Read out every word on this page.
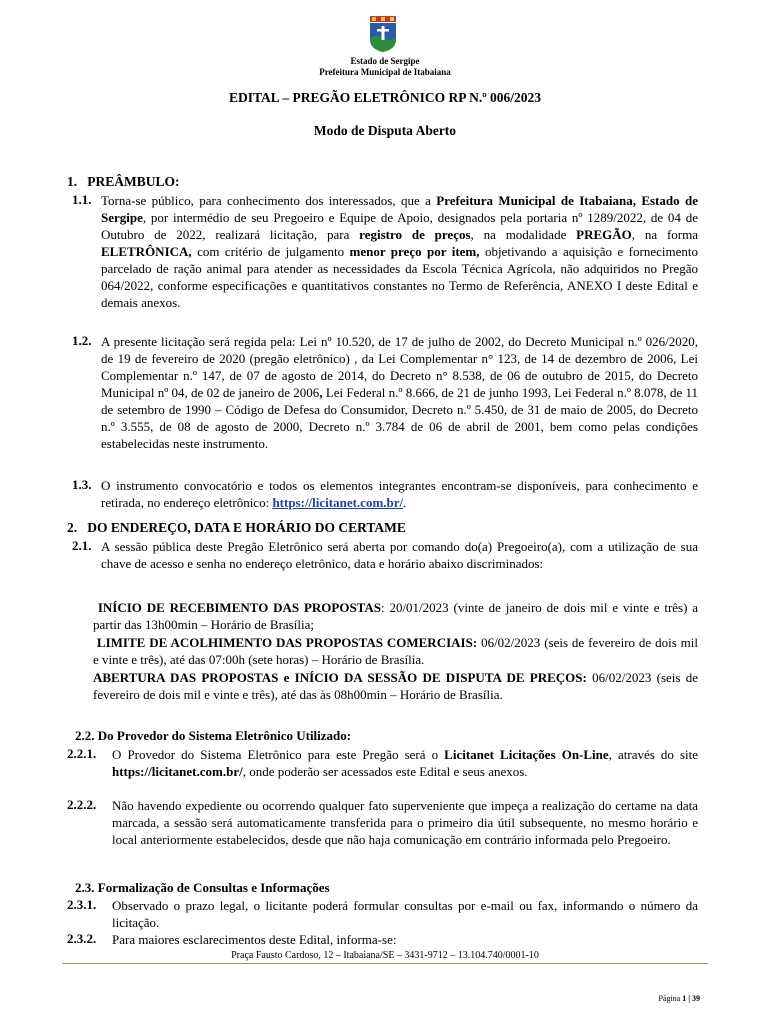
Estado de Sergipe
Prefeitura Municipal de Itabaiana
EDITAL – PREGÃO ELETRÔNICO RP N.º 006/2023
Modo de Disputa Aberto
1. PREÂMBULO:
1.1. Torna-se público, para conhecimento dos interessados, que a Prefeitura Municipal de Itabaiana, Estado de Sergipe, por intermédio de seu Pregoeiro e Equipe de Apoio, designados pela portaria nº 1289/2022, de 04 de Outubro de 2022, realizará licitação, para registro de preços, na modalidade PREGÃO, na forma ELETRÔNICA, com critério de julgamento menor preço por item, objetivando a aquisição e fornecimento parcelado de ração animal para atender as necessidades da Escola Técnica Agrícola, não adquiridos no Pregão 064/2022, conforme especificações e quantitativos constantes no Termo de Referência, ANEXO I deste Edital e demais anexos.
1.2. A presente licitação será regida pela: Lei nº 10.520, de 17 de julho de 2002, do Decreto Municipal n.º 026/2020, de 19 de fevereiro de 2020 (pregão eletrônico) , da Lei Complementar n° 123, de 14 de dezembro de 2006, Lei Complementar n.º 147, de 07 de agosto de 2014, do Decreto n° 8.538, de 06 de outubro de 2015, do Decreto Municipal nº 04, de 02 de janeiro de 2006, Lei Federal n.º 8.666, de 21 de junho 1993, Lei Federal n.º 8.078, de 11 de setembro de 1990 – Código de Defesa do Consumidor, Decreto n.º 5.450, de 31 de maio de 2005, do Decreto n.º 3.555, de 08 de agosto de 2000, Decreto n.º 3.784 de 06 de abril de 2001, bem como pelas condições estabelecidas neste instrumento.
1.3. O instrumento convocatório e todos os elementos integrantes encontram-se disponíveis, para conhecimento e retirada, no endereço eletrônico: https://licitanet.com.br/.
2. DO ENDEREÇO, DATA E HORÁRIO DO CERTAME
2.1. A sessão pública deste Pregão Eletrônico será aberta por comando do(a) Pregoeiro(a), com a utilização de sua chave de acesso e senha no endereço eletrônico, data e horário abaixo discriminados:
INÍCIO DE RECEBIMENTO DAS PROPOSTAS: 20/01/2023 (vinte de janeiro de dois mil e vinte e três) a partir das 13h00min – Horário de Brasília;
LIMITE DE ACOLHIMENTO DAS PROPOSTAS COMERCIAIS: 06/02/2023 (seis de fevereiro de dois mil e vinte e três), até das 07:00h (sete horas) – Horário de Brasília.
ABERTURA DAS PROPOSTAS e INÍCIO DA SESSÃO DE DISPUTA DE PREÇOS: 06/02/2023 (seis de fevereiro de dois mil e vinte e três), até das às 08h00min – Horário de Brasília.
2.2. Do Provedor do Sistema Eletrônico Utilizado:
2.2.1. O Provedor do Sistema Eletrônico para este Pregão será o Licitanet Licitações On-Line, através do site https://licitanet.com.br/, onde poderão ser acessados este Edital e seus anexos.
2.2.2. Não havendo expediente ou ocorrendo qualquer fato superveniente que impeça a realização do certame na data marcada, a sessão será automaticamente transferida para o primeiro dia útil subsequente, no mesmo horário e local anteriormente estabelecidos, desde que não haja comunicação em contrário informada pelo Pregoeiro.
2.3. Formalização de Consultas e Informações
2.3.1. Observado o prazo legal, o licitante poderá formular consultas por e-mail ou fax, informando o número da licitação.
2.3.2. Para maiores esclarecimentos deste Edital, informa-se:
Praça Fausto Cardoso, 12 – Itabaiana/SE – 3431-9712 – 13.104.740/0001-10
Página 1 | 39
